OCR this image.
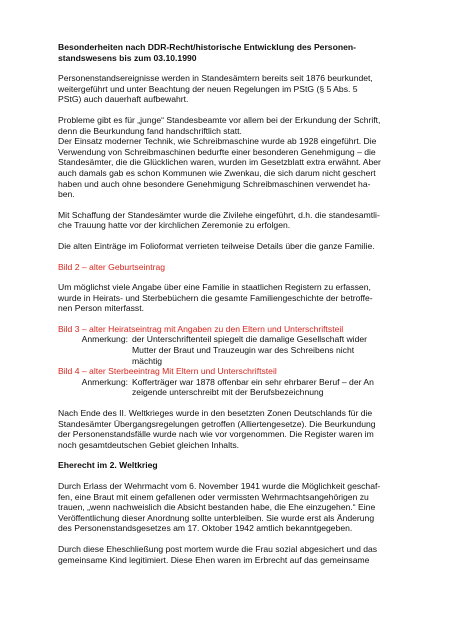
Besonderheiten nach DDR-Recht/historische Entwicklung des Personen-
standswesens bis zum 03.10.1990

Personenstandsereignisse werden in Standesämtern bereits seit 1876 beurkundet,
weitergeführt und unter Beachtung der neuen Regelungen im PStG (§ 5 Abs. 5
PStG) auch dauerhaft aufbewahrt.

Probleme gibt es für „junge“ Standesbeamte vor allem bei der Erkundung der Schrift,
denn die Beurkundung fand handschriftlich statt.
Der Einsatz moderner Technik, wie Schreibmaschine wurde ab 1928 eingeführt. Die
Verwendung von Schreibmaschinen bedurfte einer besonderen Genehmigung – die
Standesämter, die die Glücklichen waren, wurden im Gesetzblatt extra erwähnt. Aber
auch damals gab es schon Kommunen wie Zwenkau, die sich darum nicht geschert
haben und auch ohne besondere Genehmigung Schreibmaschinen verwendet ha-
ben.

Mit Schaffung der Standesämter wurde die Zivilehe eingeführt, d.h. die standesamtli-
che Trauung hatte vor der kirchlichen Zeremonie zu erfolgen.

Die alten Einträge im Folioformat verrieten teilweise Details über die ganze Familie.

Bild 2 – alter Geburtseintrag

Um möglichst viele Angabe über eine Familie in staatlichen Registern zu erfassen,
wurde in Heirats- und Sterbebüchern die gesamte Familiengeschichte der betroffe-
nen Person miterfasst.

Bild 3 – alter Heiratseintrag mit Angaben zu den Eltern und Unterschriftsteil
Anmerkung: der Unterschriftenteil spiegelt die damalige Gesellschaft wider
Mutter der Braut und Trauzeugin war des Schreibens nicht
mächtig
Bild 4 – alter Sterbeeintrag Mit Eltern und Unterschriftsteil
Anmerkung: Kofferträger war 1878 offenbar ein sehr ehrbarer Beruf – der An
zeigende unterschreibt mit der Berufsbezeichnung

Nach Ende des II. Weltkrieges wurde in den besetzten Zonen Deutschlands für die
Standesämter Übergangsregelungen getroffen (Alliertengesetze). Die Beurkundung
der Personenstandsfälle wurde nach wie vor vorgenommen. Die Register waren im
noch gesamtdeutschen Gebiet gleichen Inhalts.

Eherecht im 2. Weltkrieg

Durch Erlass der Wehrmacht vom 6. November 1941 wurde die Möglichkeit geschaf-
fen, eine Braut mit einem gefallenen oder vermissten Wehrmachtsangehörigen zu
trauen, „wenn nachweislich die Absicht bestanden habe, die Ehe einzugehen.“ Eine
Veröffentlichung dieser Anordnung sollte unterbleiben. Sie wurde erst als Änderung
des Personenstandsgesetzes am 17. Oktober 1942 amtlich bekanntgegeben.

Durch diese Eheschließung post mortem wurde die Frau sozial abgesichert und das
gemeinsame Kind legitimiert. Diese Ehen waren im Erbrecht auf das gemeinsame
